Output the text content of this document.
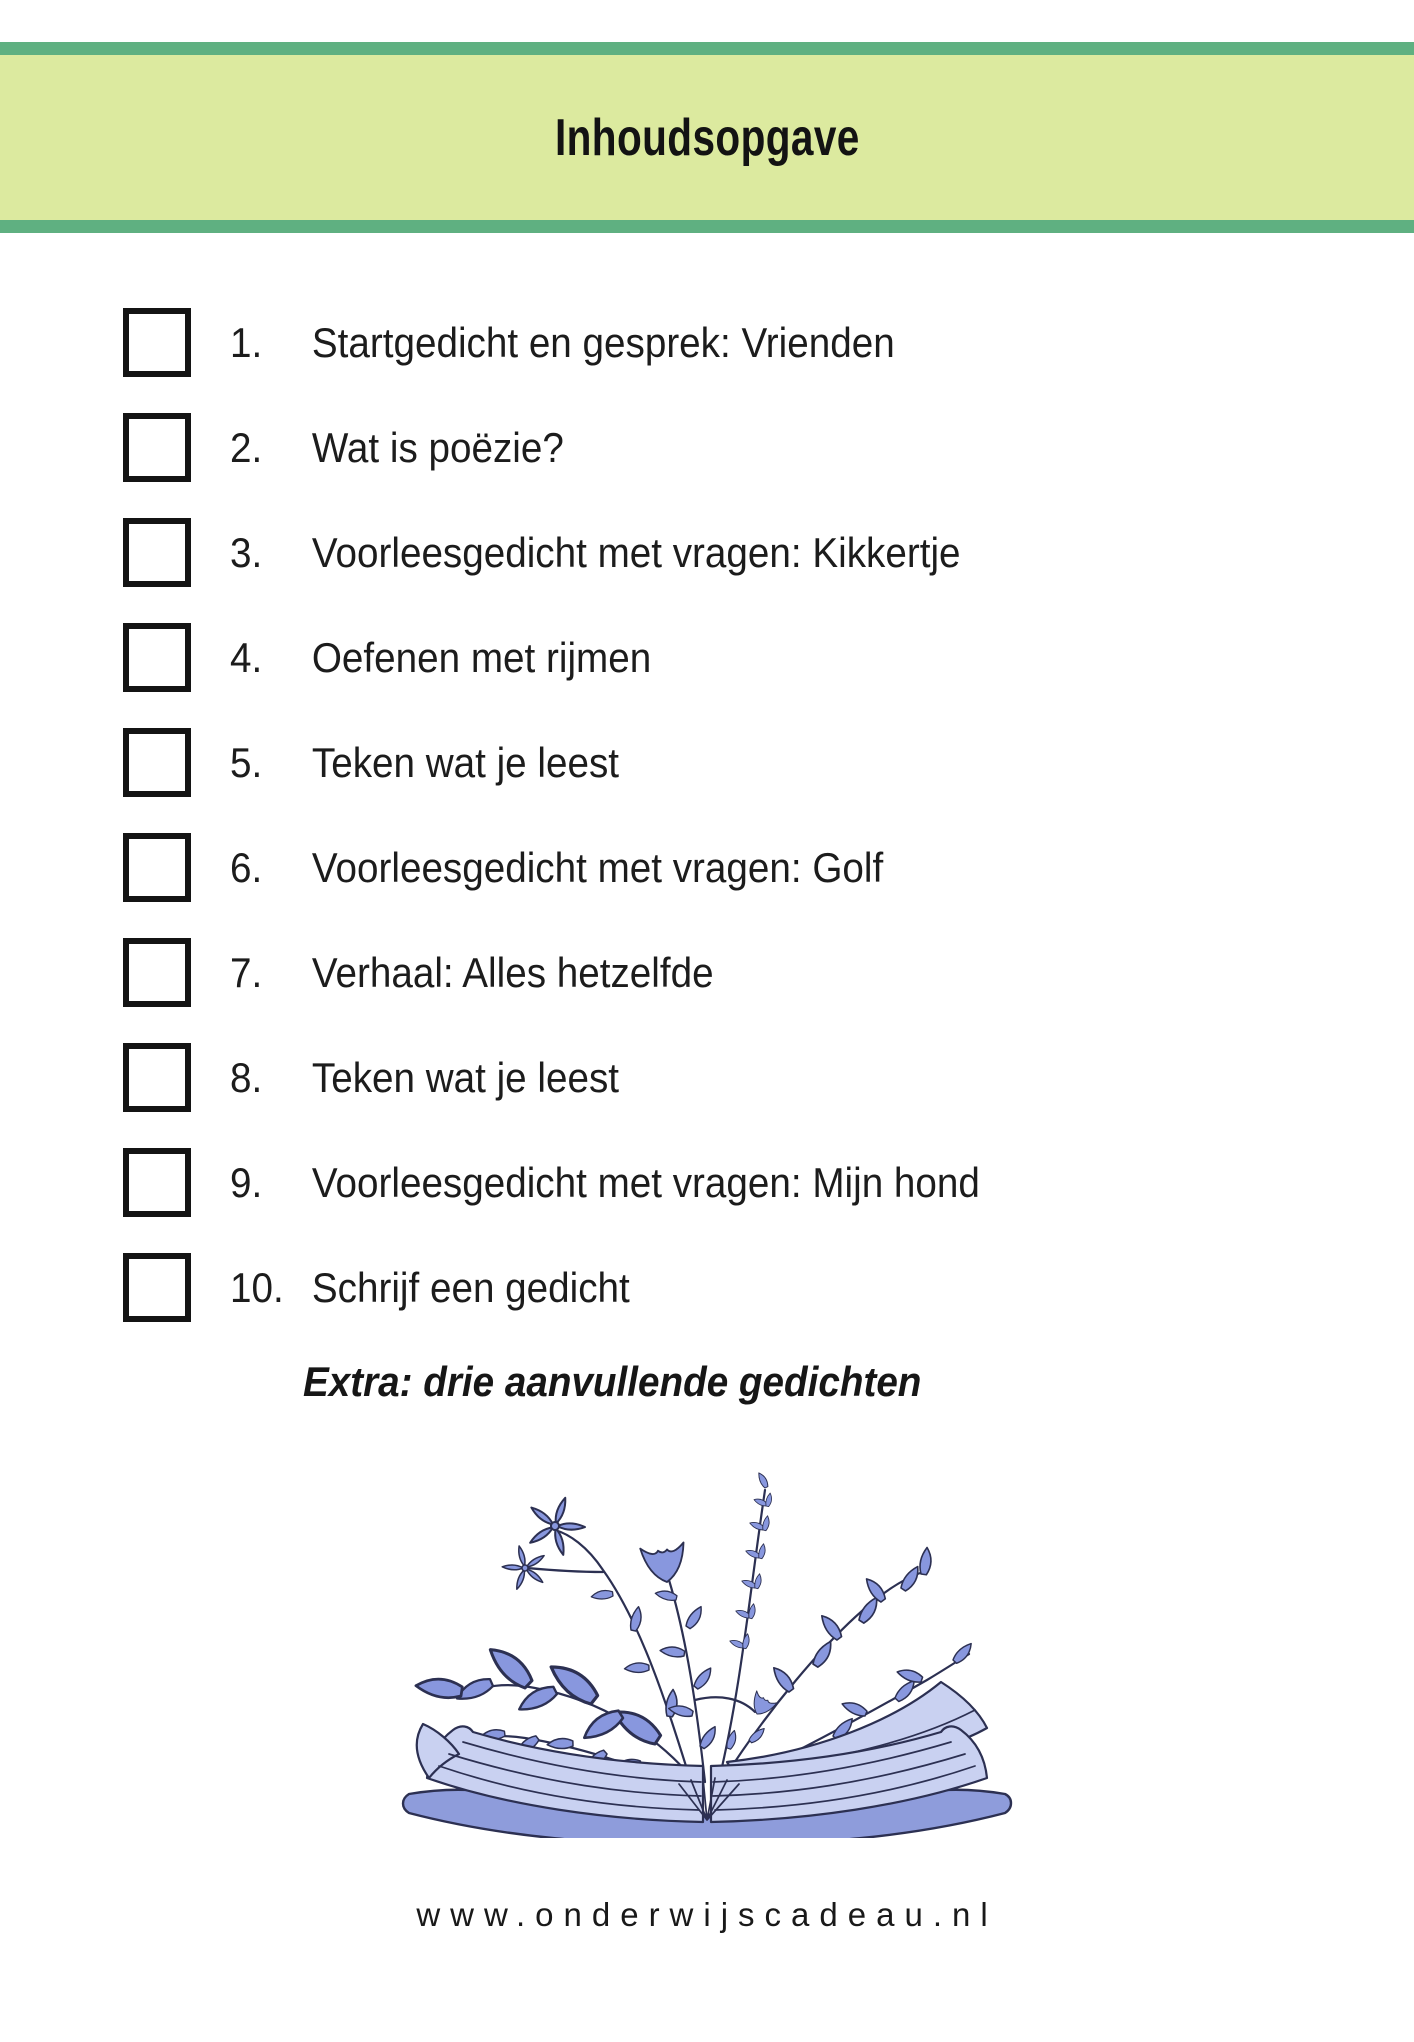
Inhoudsopgave
1.	Startgedicht en gesprek: Vrienden
2.	Wat is poëzie?
3.	Voorleesgedicht met vragen: Kikkertje
4.	Oefenen met rijmen
5.	Teken wat je leest
6.	Voorleesgedicht met vragen: Golf
7.	Verhaal: Alles hetzelfde
8.	Teken wat je leest
9.	Voorleesgedicht met vragen: Mijn hond
10. Schrijf een gedicht

Extra: drie aanvullende gedichten

www.onderwijscadeau.nl
